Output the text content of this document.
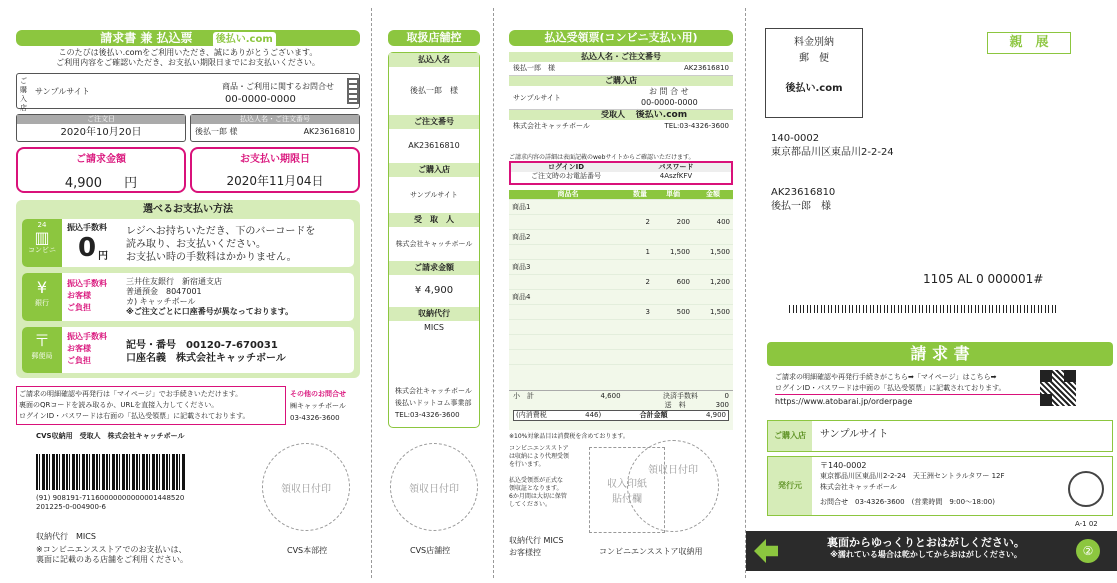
請求書 兼 払込票 後払い.com
このたびは後払い.comをご利用いただき、誠にありがとうございます。
ご利用内容をご確認いただき、お支払い期限日までにお支払いください。
ご購入店
サンプルサイト
商品・ご利用に関するお問合せ
00-0000-0000
ご注文日
2020年10月20日
払込人名・ご注文番号
後払一郎 様	AK23616810
ご請求金額
4,900 円
お支払い期限日
2020年11月04日
選べるお支払い方法
24
▥
コンビニ
振込手数料
0 円
レジへお持ちいただき、下のバーコードを
読み取り、お支払いください。
お支払い時の手数料はかかりません。
¥
銀行
振込手数料
お客様
ご負担
三井住友銀行　新宿通支店
普通預金　8047001
カ) キャッチボール
※ご注文ごとに口座番号が異なっております。
〒
郵便局
振込手数料
お客様
ご負担
記号・番号　00120-7-670031
口座名義　株式会社キャッチボール
ご請求の明細確認や再発行は「マイページ」でお手続きいただけます。
裏面のQRコードを読み取るか、URLを直接入力してください。
ログインID・パスワードは右面の「払込受領票」に記載されております。
その他のお問合せ
㈱キャッチボール
03-4326-3600
CVS収納用　受取人　株式会社キャッチボール
(91) 908191-71160000000000001448520
201225-0-004900-6
収納代行　MICS
※コンビニエンスストアでのお支払いは、
裏面に記載のある店舗をご利用ください。
領収日付印
CVS本部控
取扱店舗控
払込人名
後払一郎　様
ご注文番号
AK23616810
ご購入店
サンプルサイト
受　取　人
株式会社キャッチボール
ご請求金額
¥ 4,900
収納代行
MICS
株式会社キャッチボール
後払いドットコム事業部
TEL:03-4326-3600
領収日付印
CVS店舗控
払込受領票(コンビニ支払い用)
払込人名・ご注文番号
後払一郎　様	AK23616810
ご購入店
サンプルサイト
お 問 合 せ
00-0000-0000
受取人 後払い.com
株式会社キャッチボール	TEL:03-4326-3600
ご請求内容の詳細は表面記載のwebサイトからご確認いただけます。
ログインID	パスワード
ご注文時のお電話番号	4AszfKFV
商品名	数量	単価	金額
商品1
2	200	400
商品2
1	1,500	1,500
商品3
2	600	1,200
商品4
3	500	1,500
小　計	4,600	決済手数料	0
送　料	300
(内消費税	446)	合計金額	4,900
※10%対象品目は消費税を含めております。
コンビニエンスストア
は収納により代理受領
を行います。
払込受領票が正式な
領収証となります。
6か月間は大切に保管
してください。
収入印紙
貼付欄
領収日付印
収納代行 MICS
お客様控	コンビニエンスストア収納用
料金別納
郵　便
後払い.com
親　展
140-0002
東京都品川区東品川2-2-24
AK23616810
後払一郎　様
1105 AL 0 000001#
請 求 書
ご請求の明細確認や再発行手続きがこちら➡「マイページ」はこちら➡
ログインID・パスワードは中面の「払込受領票」に記載されております。
https://www.atobarai.jp/orderpage
ご購入店	サンプルサイト
発行元
〒140-0002
東京都品川区東品川2-2-24　天王洲セントラルタワー 12F
株式会社キャッチボール
お問合せ　03-4326-3600　(営業時間　9:00～18:00)
A-1 02
裏面からゆっくりとおはがしください。
※濡れている場合は乾かしてからおはがしください。	②
